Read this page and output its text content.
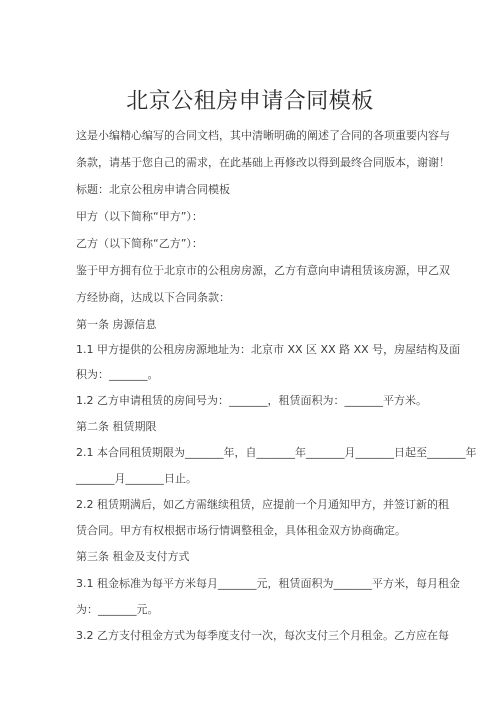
北京公租房申请合同模板
这是小编精心编写的合同文档，其中清晰明确的阐述了合同的各项重要内容与
条款，请基于您自己的需求，在此基础上再修改以得到最终合同版本，谢谢！
标题：北京公租房申请合同模板
甲方（以下简称“甲方”）：
乙方（以下简称“乙方”）：
鉴于甲方拥有位于北京市的公租房房源，乙方有意向申请租赁该房源，甲乙双
方经协商，达成以下合同条款：
第一条 房源信息
1.1 甲方提供的公租房房源地址为：北京市 XX 区 XX 路 XX 号，房屋结构及面
积为：_______。
1.2 乙方申请租赁的房间号为：_______，租赁面积为：_______平方米。
第二条 租赁期限
2.1 本合同租赁期限为_______年，自_______年_______月_______日起至_______年
_______月_______日止。
2.2 租赁期满后，如乙方需继续租赁，应提前一个月通知甲方，并签订新的租
赁合同。甲方有权根据市场行情调整租金，具体租金双方协商确定。
第三条 租金及支付方式
3.1 租金标准为每平方米每月_______元，租赁面积为_______平方米，每月租金
为：_______元。
3.2 乙方支付租金方式为每季度支付一次，每次支付三个月租金。乙方应在每
